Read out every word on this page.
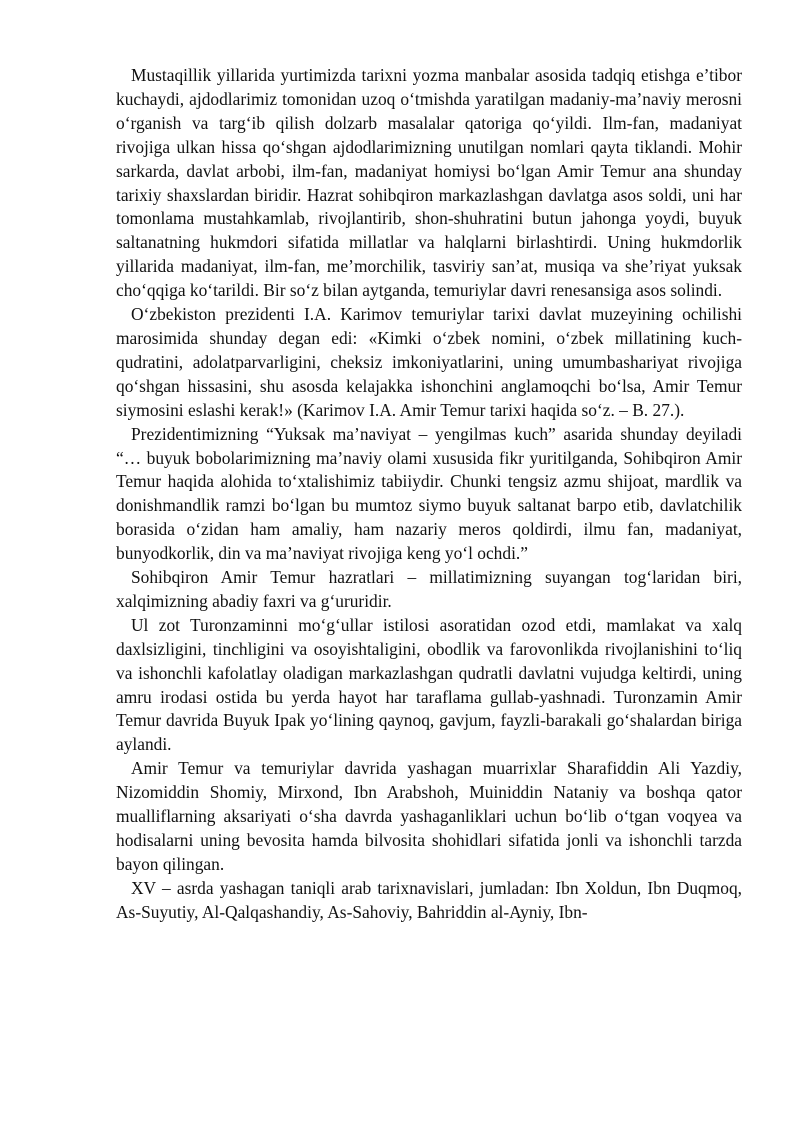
Mustaqillik yillarida yurtimizda tarixni yozma manbalar asosida tadqiq etishga e’tibor kuchaydi, ajdodlarimiz tomonidan uzoq o‘tmishda yaratilgan madaniy-ma’naviy merosni o‘rganish va targ‘ib qilish dolzarb masalalar qatoriga qo‘yildi. Ilm-fan, madaniyat rivojiga ulkan hissa qo‘shgan ajdodlarimizning unutilgan nomlari qayta tiklandi. Mohir sarkarda, davlat arbobi, ilm-fan, madaniyat homiysi bo‘lgan Amir Temur ana shunday tarixiy shaxslardan biridir. Hazrat sohibqiron markazlashgan davlatga asos soldi, uni har tomonlama mustahkamlab, rivojlantirib, shon-shuhratini butun jahonga yoydi, buyuk saltanatning hukmdori sifatida millatlar va halqlarni birlashtirdi. Uning hukmdorlik yillarida madaniyat, ilm-fan, me’morchilik, tasviriy san’at, musiqa va she’riyat yuksak cho‘qqiga ko‘tarildi. Bir so‘z bilan aytganda, temuriylar davri renesansiga asos solindi.

O‘zbekiston prezidenti I.A. Karimov temuriylar tarixi davlat muzeyining ochilishi marosimida shunday degan edi: «Kimki o‘zbek nomini, o‘zbek millatining kuch-qudratini, adolatparvarligini, cheksiz imkoniyatlarini, uning umumbashariyat rivojiga qo‘shgan hissasini, shu asosda kelajakka ishonchini anglamoqchi bo‘lsa, Amir Temur siymosini eslashi kerak!» (Karimov I.A. Amir Temur tarixi haqida so‘z. – B. 27.).

Prezidentimizning “Yuksak ma’naviyat – yengilmas kuch” asarida shunday deyiladi “… buyuk bobolarimizning ma’naviy olami xususida fikr yuritilganda, Sohibqiron Amir Temur haqida alohida to‘xtalishimiz tabiiydir. Chunki tengsiz azmu shijoat, mardlik va donishmandlik ramzi bo‘lgan bu mumtoz siymo buyuk saltanat barpo etib, davlatchilik borasida o‘zidan ham amaliy, ham nazariy meros qoldirdi, ilmu fan, madaniyat, bunyodkorlik, din va ma’naviyat rivojiga keng yo‘l ochdi.”

Sohibqiron Amir Temur hazratlari – millatimizning suyangan tog‘laridan biri, xalqimizning abadiy faxri va g‘ururidir.

Ul zot Turonzaminni mo‘g‘ullar istilosi asoratidan ozod etdi, mamlakat va xalq daxlsizligini, tinchligini va osoyishtaligini, obodlik va farovonlikda rivojlanishini to‘liq va ishonchli kafolatlay oladigan markazlashgan qudratli davlatni vujudga keltirdi, uning amru irodasi ostida bu yerda hayot har taraflama gullab-yashnadi. Turonzamin Amir Temur davrida Buyuk Ipak yo‘lining qaynoq, gavjum, fayzli-barakali go‘shalardan biriga aylandi.

Amir Temur va temuriylar davrida yashagan muarrixlar Sharafiddin Ali Yazdiy, Nizomiddin Shomiy, Mirxond, Ibn Arabshoh, Muiniddin Nataniy va boshqa qator mualliflarning aksariyati o‘sha davrda yashaganliklari uchun bo‘lib o‘tgan voqyea va hodisalarni uning bevosita hamda bilvosita shohidlari sifatida jonli va ishonchli tarzda bayon qilingan.

XV – asrda yashagan taniqli arab tarixnavislari, jumladan: Ibn Xoldun, Ibn Duqmoq, As-Suyutiy, Al-Qalqashandiy, As-Sahoviy, Bahriddin al-Ayniy, Ibn-
